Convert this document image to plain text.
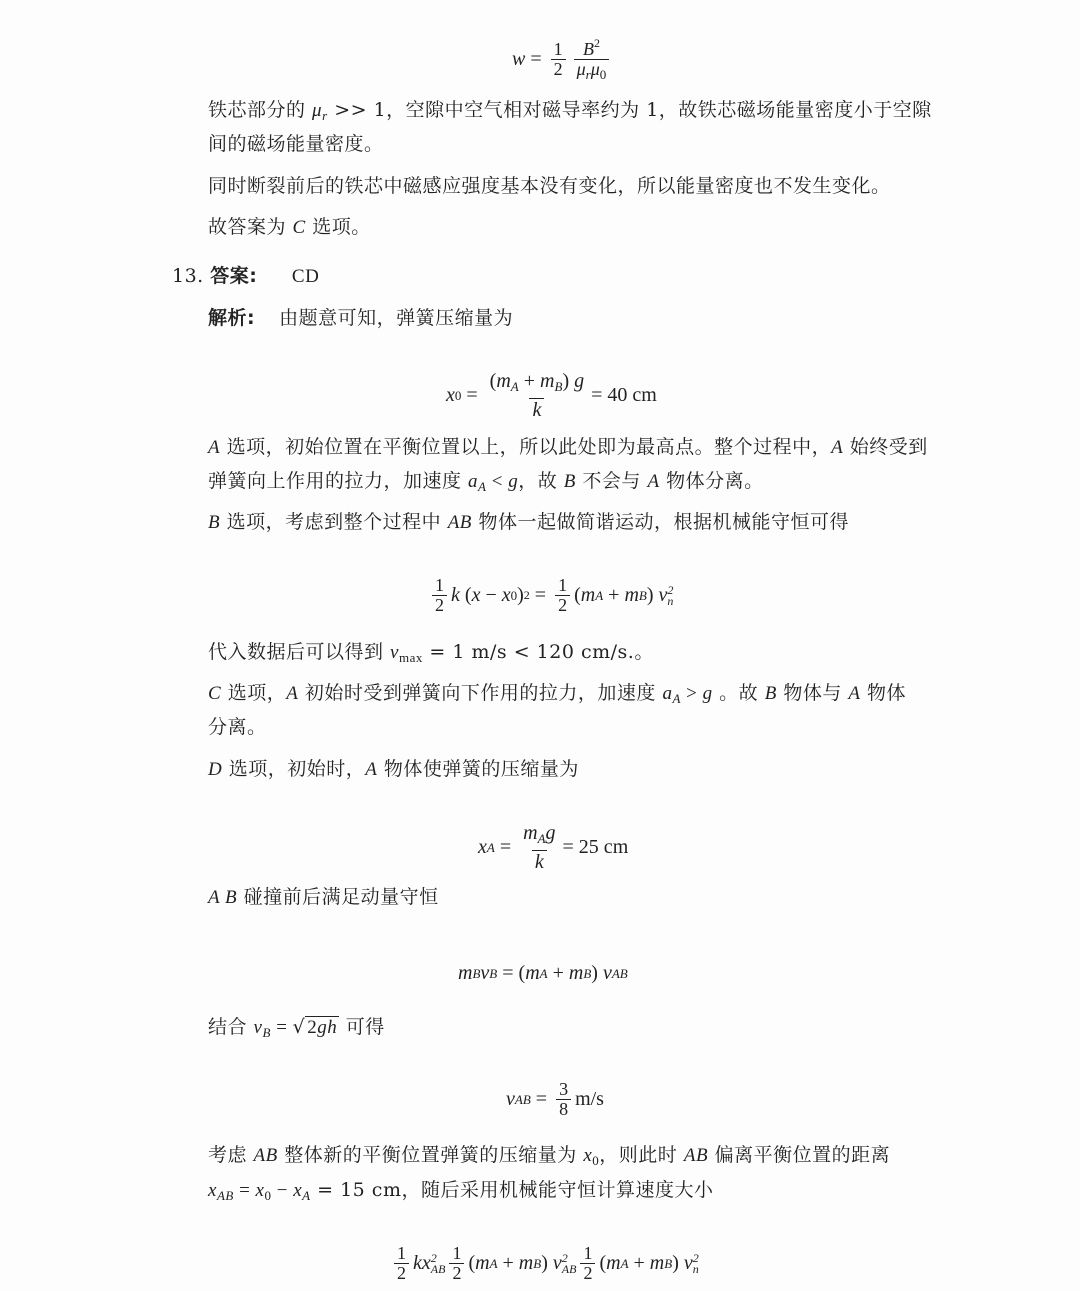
$w = \frac{1}{2} \frac{B^2}{\mu_r\mu_0}$
铁芯部分的 $\mu_r >> 1$，空隙中空气相对磁导率约为 1，故铁芯磁场能量密度小于空隙
间的磁场能量密度。
同时断裂前后的铁芯中磁感应强度基本没有变化，所以能量密度也不发生变化。
故答案为 C 选项。
13. 答案: CD
解析: 由题意可知，弹簧压缩量为
x $0 = \frac{(m_A + m_B) g}{k} = 40$ cm
A 选项，初始位置在平衡位置以上，所以此处即为最高点。整个过程中，A 始终受到
弹簧向上作用的拉力，加速度 $a_A < g$，故 B 不会与 A 物体分离。
B 选项，考虑到整个过程中 AB 物体一起做简谐运动，根据机械能守恒可得
$\frac{1}{2}$ k ( x − x 0 ) $2 = \frac{1}{2}$ ( m A + m B ) v 2
n
代入数据后可以得到 $v_{max} = 1$ m/s < 120 cm/s.。
C 选项，A 初始时受到弹簧向下作用的拉力，加速度 $a_A > g$ 。故 B 物体与 A 物体
分离。
D 选项，初始时，A 物体使弹簧的压缩量为
x $A = \frac{m_Ag}{k} = 25$ cm
A B 碰撞前后满足动量守恒
m B v B = ( m A + m B ) v AB
结合 $v_B$ = √ 2gh 可得
v AB = $\frac{3}{8} m/s$
考虑 AB 整体新的平衡位置弹簧的压缩量为 $x_0$，则此时 AB 偏离平衡位置的距离
$x_{AB} = x_0 - x_A = 15$ cm，随后采用机械能守恒计算速度大小
$\frac{1}{2}$ kx 2
AB $\frac{1}{2}$ ( m A + m B ) v 2
AB $\frac{1}{2}$ ( m A + m B ) v 2
n
